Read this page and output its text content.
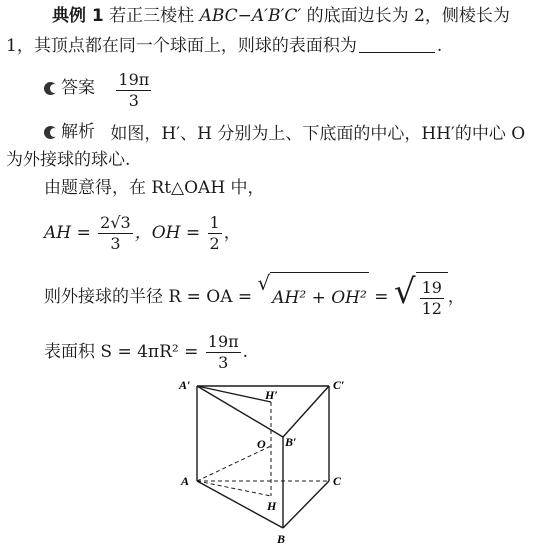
典例 1 若正三棱柱 ABC−A′B′C′ 的底面边长为 2，侧棱长为
1，其顶点都在同一个球面上，则球的表面积为	.
答案
$\frac{19\pi}{3}$
解析 如图，H′、H 分别为上、下底面的中心，HH′的中心 O
为外接球的球心.
由题意得，在 Rt△OAH 中，
AH = $\frac{2√3}{3}$ ，OH = $\frac{1}{2}$ ，
则外接球的半径 R = OA =
√
AH² + OH² = √ $\frac{19}{12}$ ，
表面积 $S = 4\pi R^2 = \frac{19\pi}{3}$ .
A′	C′
H′
O B′
A	C
H
B
